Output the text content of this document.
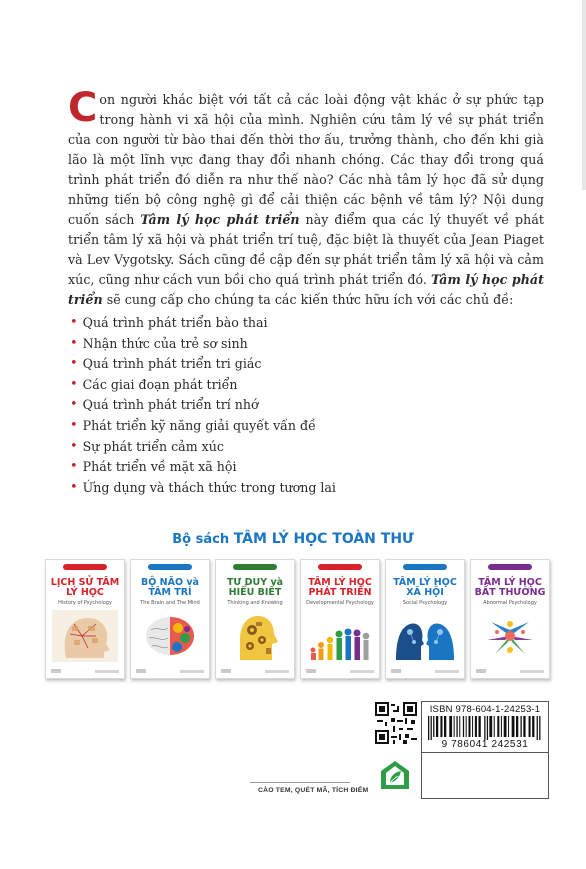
Con người khác biệt với tất cả các loài động vật khác ở sự phức tạp trong hành vi xã hội của mình. Nghiên cứu tâm lý về sự phát triển của con người từ bào thai đến thời thơ ấu, trưởng thành, cho đến khi già lão là một lĩnh vực đang thay đổi nhanh chóng. Các thay đổi trong quá trình phát triển đó diễn ra như thế nào? Các nhà tâm lý học đã sử dụng những tiến bộ công nghệ gì để cải thiện các bệnh về tâm lý? Nội dung cuốn sách Tâm lý học phát triển này điểm qua các lý thuyết về phát triển tâm lý xã hội và phát triển trí tuệ, đặc biệt là thuyết của Jean Piaget và Lev Vygotsky. Sách cũng đề cập đến sự phát triển tâm lý xã hội và cảm xúc, cũng như cách vun bồi cho quá trình phát triển đó. Tâm lý học phát triển sẽ cung cấp cho chúng ta các kiến thức hữu ích với các chủ đề:

• Quá trình phát triển bào thai
• Nhận thức của trẻ sơ sinh
• Quá trình phát triển tri giác
• Các giai đoạn phát triển
• Quá trình phát triển trí nhớ
• Phát triển kỹ năng giải quyết vấn đề
• Sự phát triển cảm xúc
• Phát triển về mặt xã hội
• Ứng dụng và thách thức trong tương lai
Bộ sách TÂM LÝ HỌC TOÀN THƯ
LỊCH SỬ TÂM LÝ HỌC
History of Psychology
BỘ NÃO và TÂM TRÍ
The Brain and The Mind
TƯ DUY và HIỂU BIẾT
Thinking and Knowing
TÂM LÝ HỌC PHÁT TRIỂN
Developmental Psychology
TÂM LÝ HỌC XÃ HỘI
Social Psychology
TÂM LÝ HỌC BẤT THƯỜNG
Abnormal Psychology
ISBN 978-604-1-24253-1
9 786041 242531
CÀO TEM, QUÉT MÃ, TÍCH ĐIỂM
